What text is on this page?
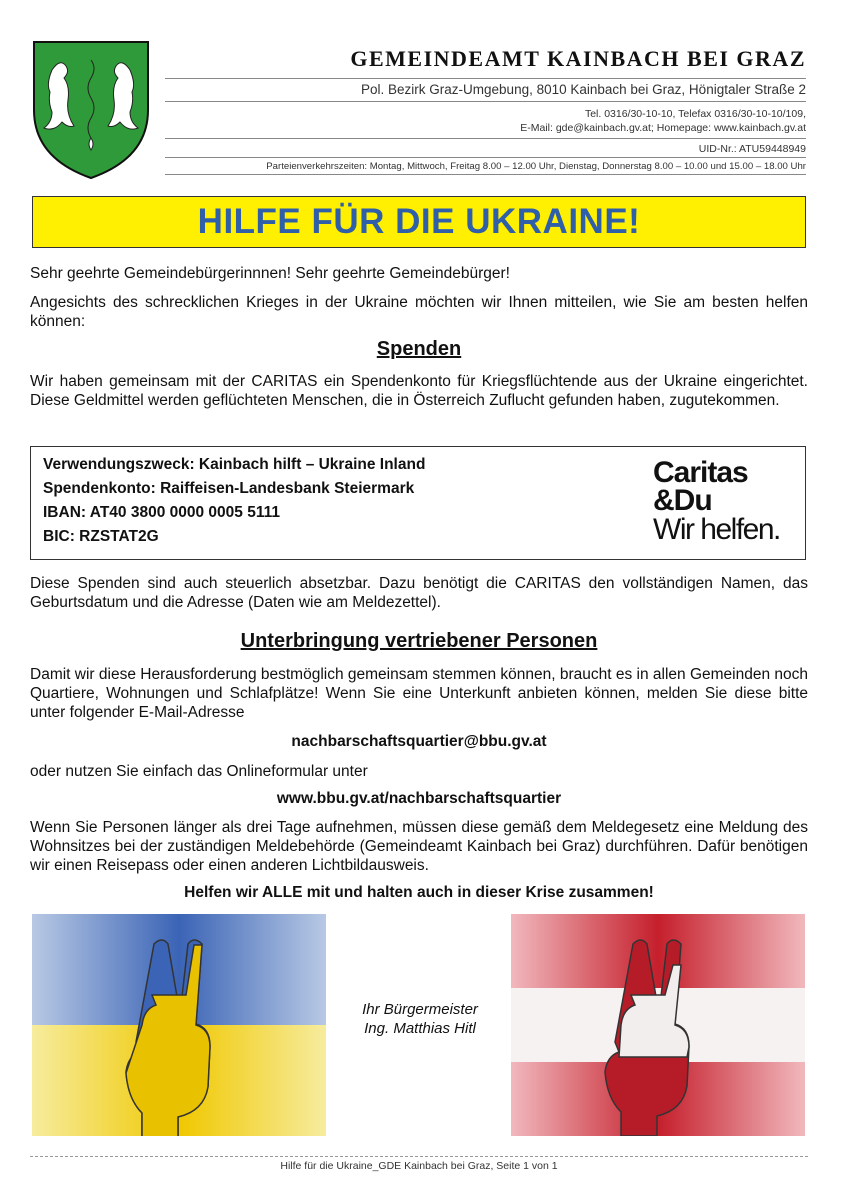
GEMEINDEAMT KAINBACH BEI GRAZ
Pol. Bezirk Graz-Umgebung, 8010 Kainbach bei Graz, Hönigtaler Straße 2
Tel. 0316/30-10-10, Telefax 0316/30-10-10/109,
E-Mail: gde@kainbach.gv.at; Homepage: www.kainbach.gv.at
UID-Nr.: ATU59448949
Parteienverkehrszeiten: Montag, Mittwoch, Freitag 8.00 – 12.00 Uhr, Dienstag, Donnerstag 8.00 – 10.00 und 15.00 – 18.00 Uhr
HILFE FÜR DIE UKRAINE!
Sehr geehrte Gemeindebürgerinnnen! Sehr geehrte Gemeindebürger!
Angesichts des schrecklichen Krieges in der Ukraine möchten wir Ihnen mitteilen, wie Sie am besten helfen können:
Spenden
Wir haben gemeinsam mit der CARITAS ein Spendenkonto für Kriegsflüchtende aus der Ukraine eingerichtet. Diese Geldmittel werden geflüchteten Menschen, die in Österreich Zuflucht gefunden haben, zugutekommen.
Verwendungszweck: Kainbach hilft – Ukraine Inland
Spendenkonto: Raiffeisen-Landesbank Steiermark
IBAN: AT40 3800 0000 0005 5111
BIC: RZSTAT2G
Caritas
&Du
Wir helfen.
Diese Spenden sind auch steuerlich absetzbar. Dazu benötigt die CARITAS den vollständigen Namen, das Geburtsdatum und die Adresse (Daten wie am Meldezettel).
Unterbringung vertriebener Personen
Damit wir diese Herausforderung bestmöglich gemeinsam stemmen können, braucht es in allen Gemeinden noch Quartiere, Wohnungen und Schlafplätze! Wenn Sie eine Unterkunft anbieten können, melden Sie diese bitte unter folgender E-Mail-Adresse
nachbarschaftsquartier@bbu.gv.at
oder nutzen Sie einfach das Onlineformular unter
www.bbu.gv.at/nachbarschaftsquartier
Wenn Sie Personen länger als drei Tage aufnehmen, müssen diese gemäß dem Meldegesetz eine Meldung des Wohnsitzes bei der zuständigen Meldebehörde (Gemeindeamt Kainbach bei Graz) durchführen. Dafür benötigen wir einen Reisepass oder einen anderen Lichtbildausweis.
Helfen wir ALLE mit und halten auch in dieser Krise zusammen!
Ihr Bürgermeister
Ing. Matthias Hitl
Hilfe für die Ukraine_GDE Kainbach bei Graz, Seite 1 von 1
